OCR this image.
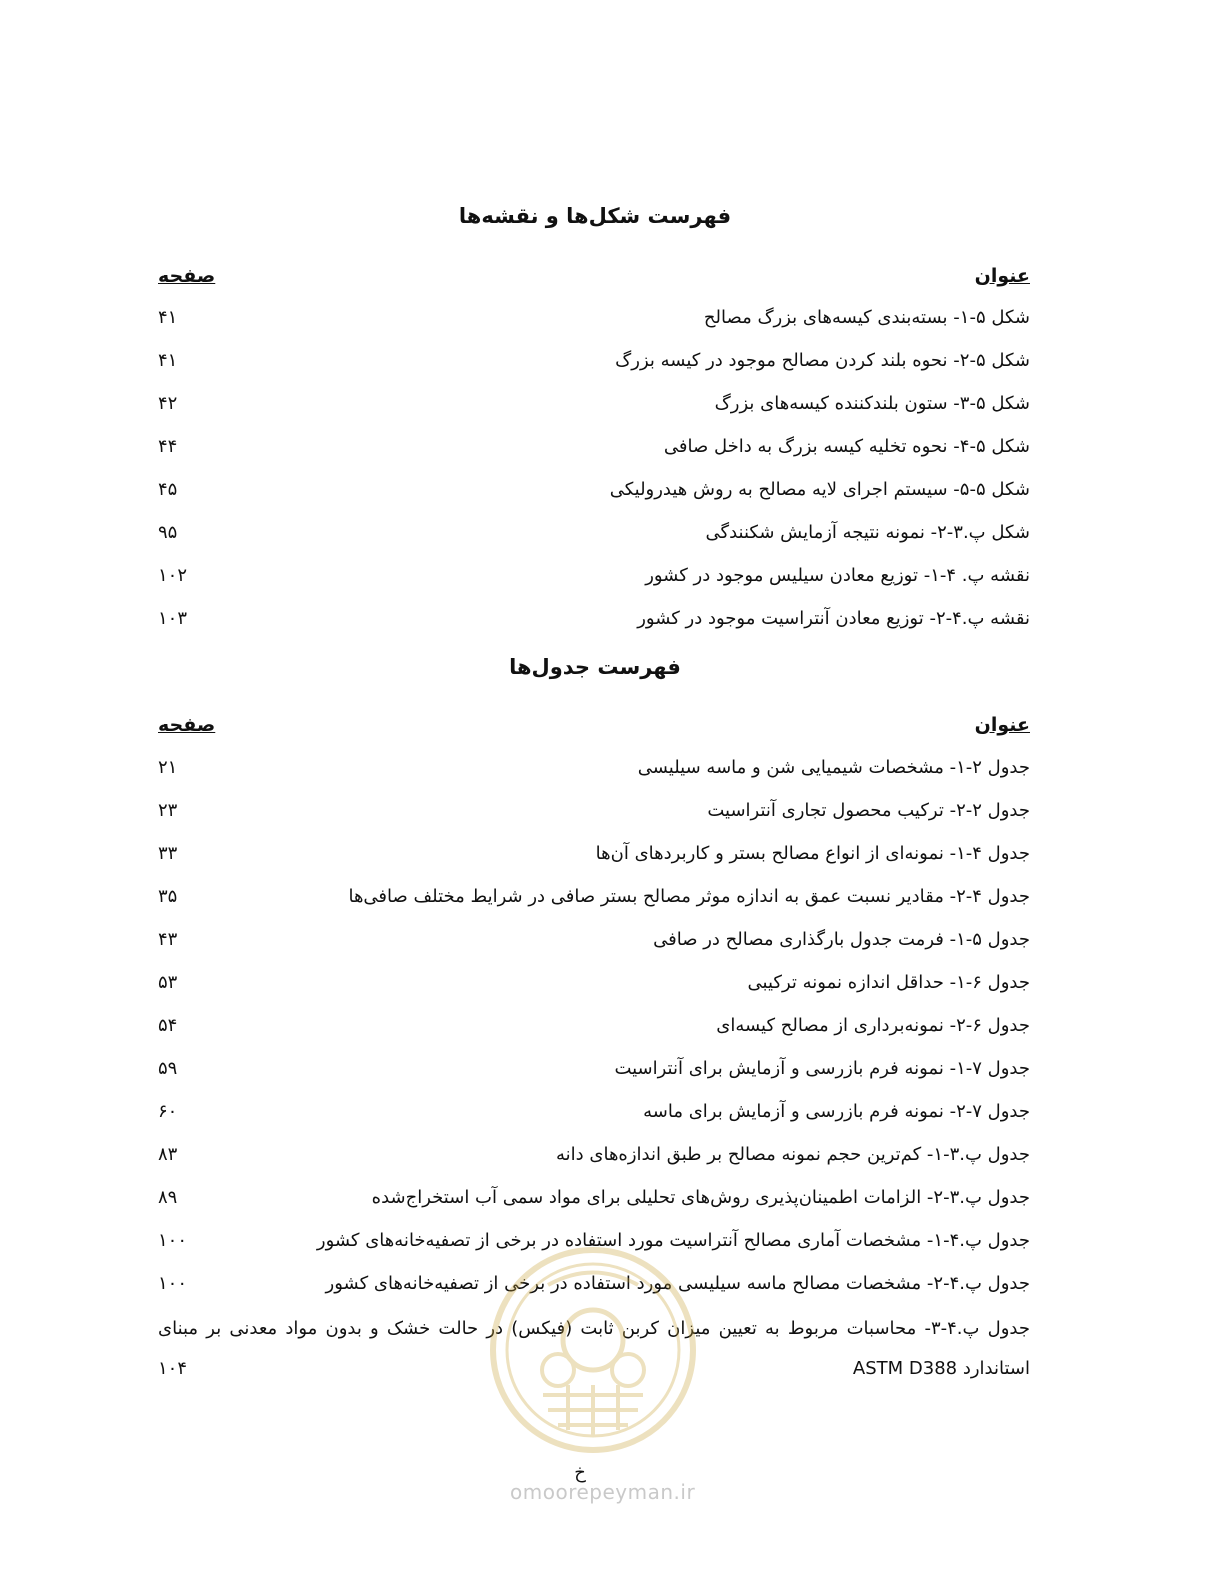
فهرست شکل‌ها و نقشه‌ها
عنوان
صفحه
شکل ۵-۱- بسته‌بندی کیسه‌های بزرگ مصالح
۴۱
شکل ۵-۲- نحوه بلند کردن مصالح موجود در کیسه بزرگ
۴۱
شکل ۵-۳- ستون بلندکننده کیسه‌های بزرگ
۴۲
شکل ۵-۴- نحوه تخلیه کیسه بزرگ به داخل صافی
۴۴
شکل ۵-۵- سیستم اجرای لایه مصالح به روش هیدرولیکی
۴۵
شکل پ.۳-۲- نمونه نتیجه آزمایش شکنندگی
۹۵
نقشه پ. ۴-۱- توزیع معادن سیلیس موجود در کشور
۱۰۲
نقشه پ.۴-۲- توزیع معادن آنتراسیت موجود در کشور
۱۰۳
فهرست جدول‌ها
عنوان
صفحه
جدول ۲-۱- مشخصات شیمیایی شن و ماسه سیلیسی
۲۱
جدول ۲-۲- ترکیب محصول تجاری آنتراسیت
۲۳
جدول ۴-۱- نمونه‌ای از انواع مصالح بستر و کاربردهای آن‌ها
۳۳
جدول ۴-۲- مقادیر نسبت عمق به اندازه موثر مصالح بستر صافی در شرایط مختلف صافی‌ها
۳۵
جدول ۵-۱- فرمت جدول بارگذاری مصالح در صافی
۴۳
جدول ۶-۱- حداقل اندازه نمونه ترکیبی
۵۳
جدول ۶-۲- نمونه‌برداری از مصالح کیسه‌ای
۵۴
جدول ۷-۱- نمونه فرم بازرسی و آزمایش برای آنتراسیت
۵۹
جدول ۷-۲- نمونه فرم بازرسی و آزمایش برای ماسه
۶۰
جدول پ.۳-۱- کم‌ترین حجم نمونه مصالح بر طبق اندازه‌های دانه
۸۳
جدول پ.۳-۲- الزامات اطمینان‌پذیری روش‌های تحلیلی برای مواد سمی آب استخراج‌شده
۸۹
جدول پ.۴-۱- مشخصات آماری مصالح آنتراسیت مورد استفاده در برخی از تصفیه‌خانه‌های کشور
۱۰۰
جدول پ.۴-۲- مشخصات مصالح ماسه سیلیسی مورد استفاده در برخی از تصفیه‌خانه‌های کشور
۱۰۰
جدول پ.۴-۳- محاسبات مربوط به تعیین میزان کربن ثابت (فیکس) در حالت خشک و بدون مواد معدنی بر مبنای
استاندارد ASTM D388
۱۰۴
omoorepeyman.ir
خ
